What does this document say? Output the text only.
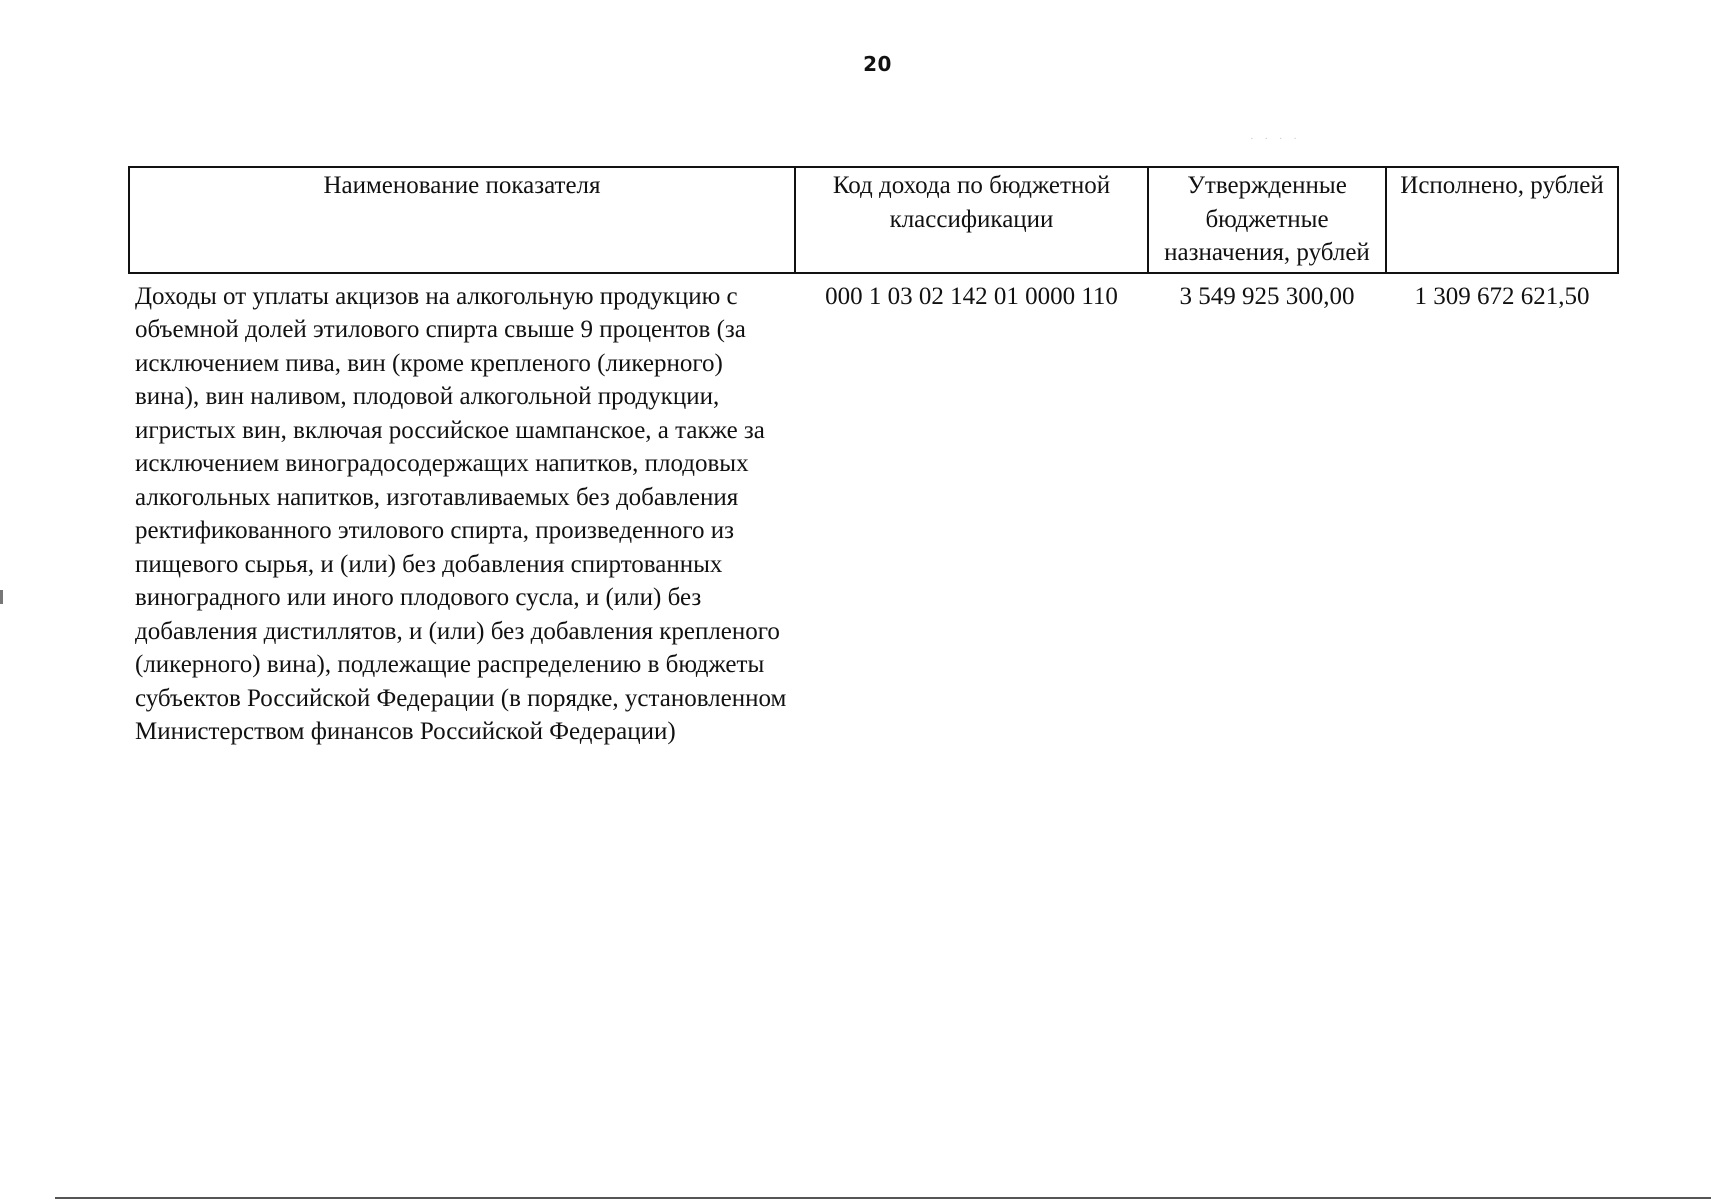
20
· · · ·
Наименование показателя	Код дохода по бюджетной классификации	Утвержденные бюджетные назначения, рублей	Исполнено, рублей
Доходы от уплаты акцизов на алкогольную продукцию с объемной долей этилового спирта свыше 9 процентов (за исключением пива, вин (кроме крепленого (ликерного) вина), вин наливом, плодовой алкогольной продукции, игристых вин, включая российское шампанское, а также за исключением виноградосодержащих напитков, плодовых алкогольных напитков, изготавливаемых без добавления ректификованного этилового спирта, произведенного из пищевого сырья, и (или) без добавления спиртованных виноградного или иного плодового сусла, и (или) без добавления дистиллятов, и (или) без добавления крепленого (ликерного) вина), подлежащие распределению в бюджеты субъектов Российской Федерации (в порядке, установленном Министерством финансов Российской Федерации)	000 1 03 02 142 01 0000 110	3 549 925 300,00	1 309 672 621,50
